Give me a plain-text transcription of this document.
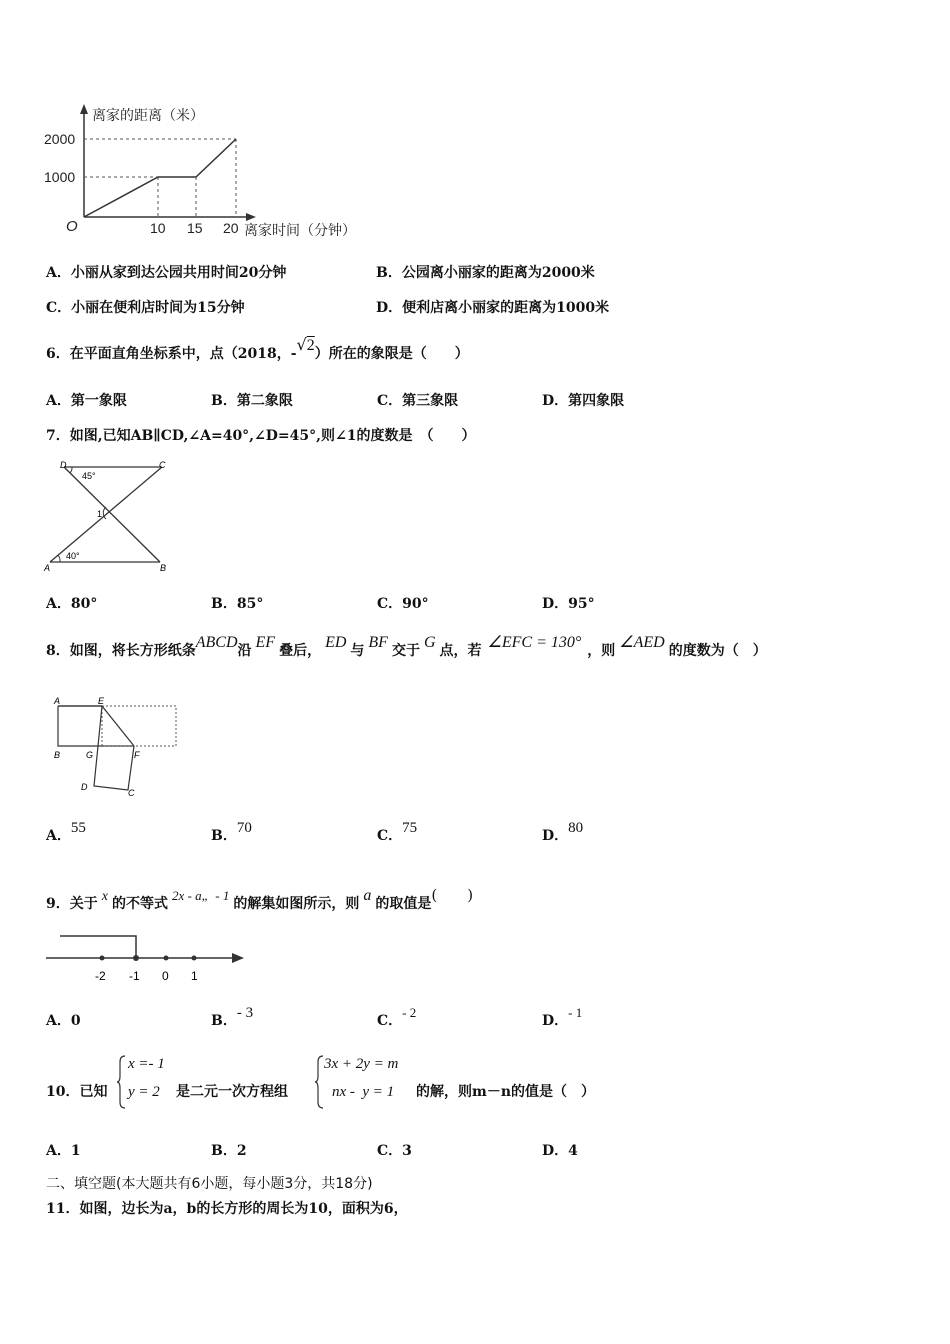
离家的距离（米）
离家时间（分钟）
O
1000
2000
10 15 20
A．小丽从家到达公园共用时间20分钟	B．公园离小丽家的距离为2000米
C．小丽在便利店时间为15分钟	D．便利店离小丽家的距离为1000米
6．在平面直角坐标系中，点（2018，-√2）所在的象限是（　　）
A．第一象限	B．第二象限	C．第三象限	D．第四象限
7．如图,已知AB∥CD,∠A=40°,∠D=45°,则∠1的度数是　（　　）
D	C
A	B
1
45°
40°
A．80°	B．85°	C．90°	D．95°
8．如图，将长方形纸条ABCD沿 EF 叠后， ED 与 BF 交于 G 点，若 ∠EFC = 130° ，则 ∠AED 的度数为（　）
A	E
B	G	F
D
C
A．55	B．70	C．75	D．80
9．关于 x 的不等式2x - a„  - 1的解集如图所示，则 a 的取值是(　　)
-2 -1 0 1
A．0	B．- 3	C．- 2
D．- 1
10．已知
x =- 1
y = 2 是二元一次方程组
3x + 2y = m
nx -  y = 1 的解，则m－n的值是（　）
A．1	B．2	C．3	D．4
二、填空题(本大题共有6小题，每小题3分，共18分)
11．如图，边长为a，b的长方形的周长为10，面积为6，
